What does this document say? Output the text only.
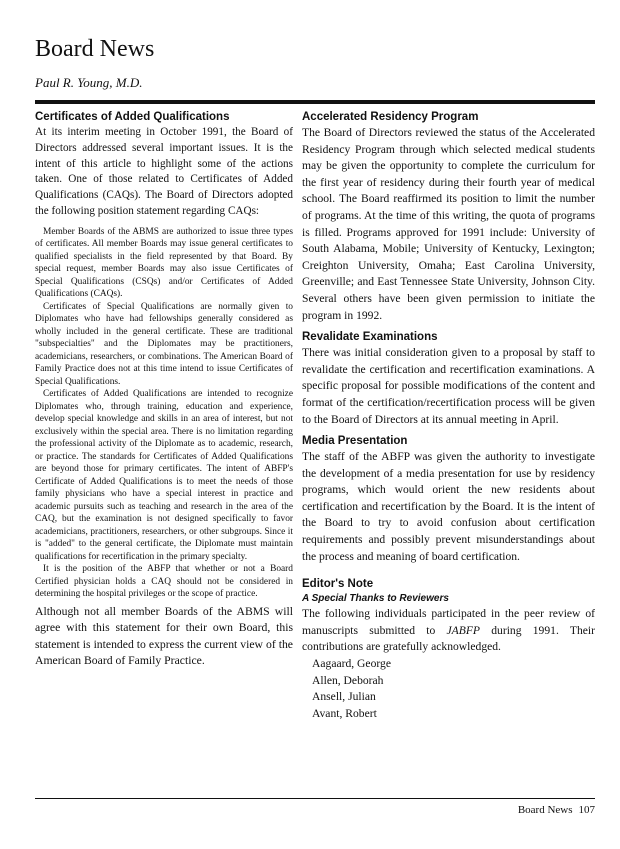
Board News

Paul R. Young, M.D.

Certificates of Added Qualifications

At its interim meeting in October 1991, the Board of Directors addressed several important issues. It is the intent of this article to highlight some of the actions taken. One of those related to Certificates of Added Qualifications (CAQs). The Board of Directors adopted the following position statement regarding CAQs:

Member Boards of the ABMS are authorized to issue three types of certificates. All member Boards may issue general certificates to qualified specialists in the field represented by that Board. By special request, member Boards may also issue Certificates of Special Qualifications (CSQs) and/or Certificates of Added Qualifications (CAQs).

Certificates of Special Qualifications are normally given to Diplomates who have had fellowships generally considered as wholly included in the general certificate. These are traditional "subspecialties" and the Diplomates may be practitioners, academicians, researchers, or combinations. The American Board of Family Practice does not at this time intend to issue Certificates of Special Qualifications.

Certificates of Added Qualifications are intended to recognize Diplomates who, through training, education and experience, develop special knowledge and skills in an area of interest, but not exclusively within the special area. There is no limitation regarding the professional activity of the Diplomate as to academic, research, or practice. The standards for Certificates of Added Qualifications are beyond those for primary certificates. The intent of ABFP's Certificate of Added Qualifications is to meet the needs of those family physicians who have a special interest in practice and academic pursuits such as teaching and research in the area of the CAQ, but the examination is not designed specifically to favor academicians, practitioners, researchers, or other subgroups. Since it is "added" to the general certificate, the Diplomate must maintain qualifications for recertification in the primary specialty.

It is the position of the ABFP that whether or not a Board Certified physician holds a CAQ should not be considered in determining the hospital privileges or the scope of practice.

Although not all member Boards of the ABMS will agree with this statement for their own Board, this statement is intended to express the current view of the American Board of Family Practice.

Accelerated Residency Program

The Board of Directors reviewed the status of the Accelerated Residency Program through which selected medical students may be given the opportunity to complete the curriculum for the first year of residency during their fourth year of medical school. The Board reaffirmed its position to limit the number of programs. At the time of this writing, the quota of programs is filled. Programs approved for 1991 include: University of South Alabama, Mobile; University of Kentucky, Lexington; Creighton University, Omaha; East Carolina University, Greenville; and East Tennessee State University, Johnson City. Several others have been given permission to initiate the program in 1992.

Revalidate Examinations

There was initial consideration given to a proposal by staff to revalidate the certification and recertification examinations. A specific proposal for possible modifications of the content and format of the certification/recertification process will be given to the Board of Directors at its annual meeting in April.

Media Presentation

The staff of the ABFP was given the authority to investigate the development of a media presentation for use by residency programs, which would orient the new residents about certification and recertification by the Board. It is the intent of the Board to try to avoid confusion about certification requirements and possibly prevent misunderstandings about the process and meaning of board certification.

Editor's Note

A Special Thanks to Reviewers

The following individuals participated in the peer review of manuscripts submitted to JABFP during 1991. Their contributions are gratefully acknowledged.

Aagaard, George
Allen, Deborah
Ansell, Julian
Avant, Robert
Board News 107
